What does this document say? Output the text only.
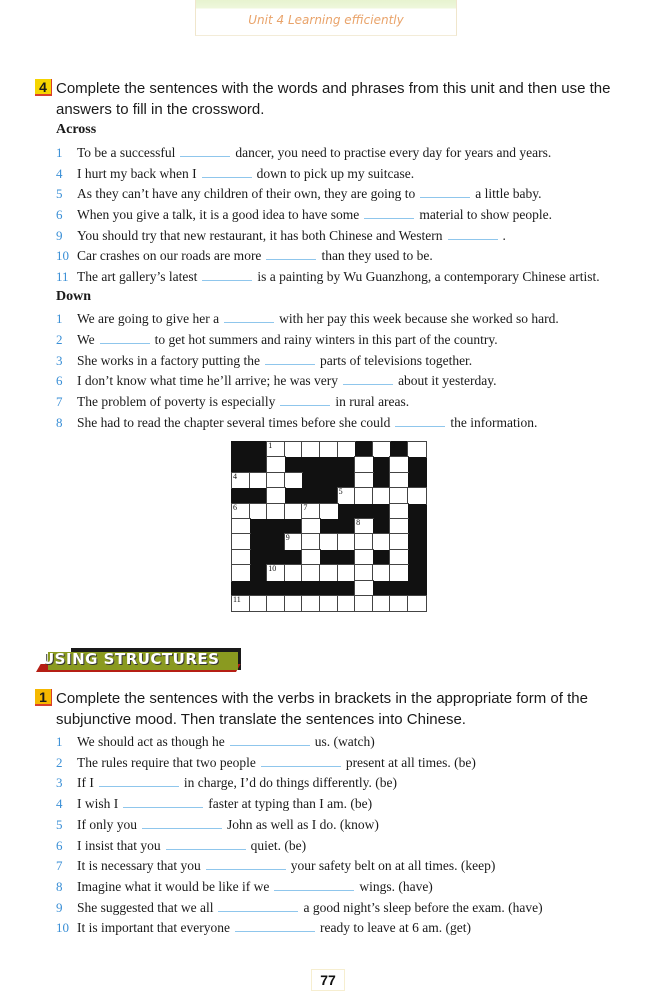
Unit 4 Learning efficiently
4 Complete the sentences with the words and phrases from this unit and then use the
answers to fill in the crossword.
Across
1 To be a successful	dancer, you need to practise every day for years and years.
4 I hurt my back when I	down to pick up my suitcase.
5 As they can’t have any children of their own, they are going to	a little baby.
6 When you give a talk, it is a good idea to have some	material to show people.
9 You should try that new restaurant, it has both Chinese and Western	.
10 Car crashes on our roads are more	than they used to be.
11 The art gallery’s latest	is a painting by Wu Guanzhong, a contemporary Chinese artist.
Down
1 We are going to give her a	with her pay this week because she worked so hard.
2 We	to get hot summers and rainy winters in this part of the country.
3 She works in a factory putting the	parts of televisions together.
6 I don’t know what time he’ll arrive; he was very	about it yesterday.
7 The problem of poverty is especially	in rural areas.
8 She had to read the chapter several times before she could	the information.
1	2	3
4
5
6	7
8
9
10
11
USING STRUCTURES
1 Complete the sentences with the verbs in brackets in the appropriate form of the
subjunctive mood. Then translate the sentences into Chinese.
1 We should act as though he	us. (watch)
2 The rules require that two people	present at all times. (be)
3 If I	in charge, I’d do things differently. (be)
4 I wish I	faster at typing than I am. (be)
5 If only you	John as well as I do. (know)
6 I insist that you	quiet. (be)
7 It is necessary that you	your safety belt on at all times. (keep)
8 Imagine what it would be like if we	wings. (have)
9 She suggested that we all	a good night’s sleep before the exam. (have)
10 It is important that everyone	ready to leave at 6 am. (get)
77
